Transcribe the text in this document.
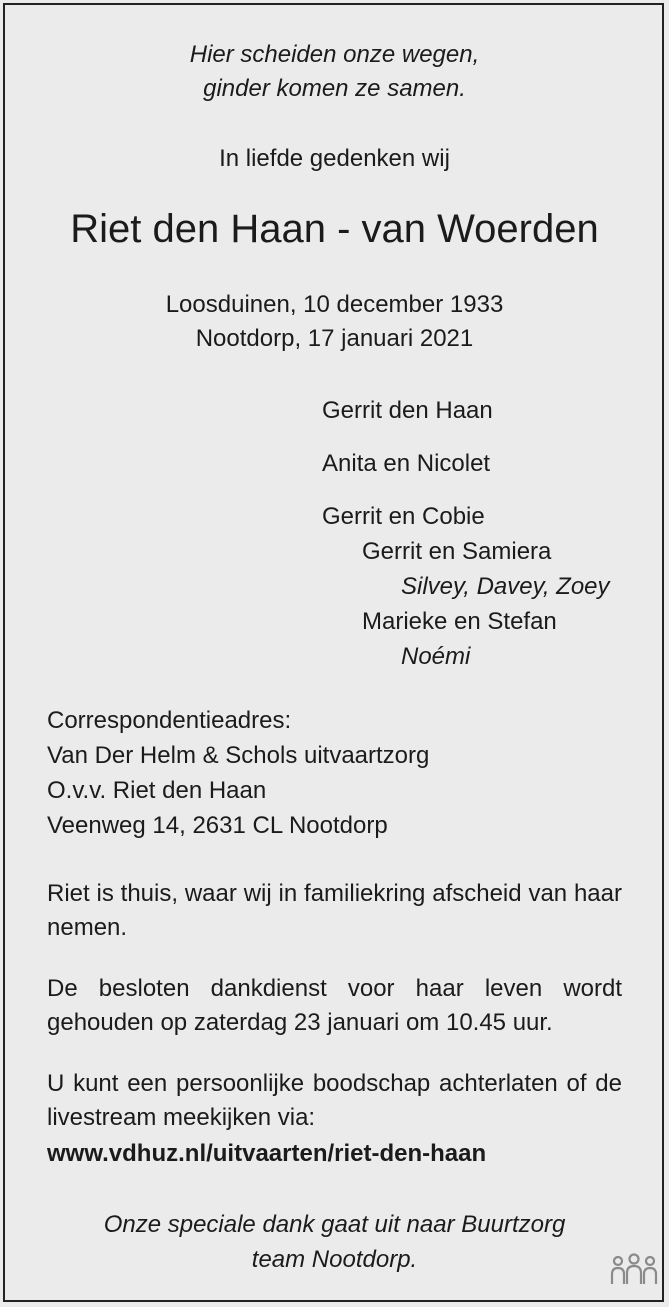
Hier scheiden onze wegen,
ginder komen ze samen.
In liefde gedenken wij
Riet den Haan - van Woerden
Loosduinen, 10 december 1933
Nootdorp, 17 januari 2021
Gerrit den Haan
Anita en Nicolet
Gerrit en Cobie
Gerrit en Samiera
Silvey, Davey, Zoey
Marieke en Stefan
Noémi
Correspondentieadres:
Van Der Helm & Schols uitvaartzorg
O.v.v. Riet den Haan
Veenweg 14, 2631 CL Nootdorp
Riet is thuis, waar wij in familiekring afscheid van haar nemen.
De besloten dankdienst voor haar leven wordt gehouden op zaterdag 23 januari om 10.45 uur.
U kunt een persoonlijke boodschap achterlaten of de livestream meekijken via:
www.vdhuz.nl/uitvaarten/riet-den-haan
Onze speciale dank gaat uit naar Buurtzorg
team Nootdorp.
